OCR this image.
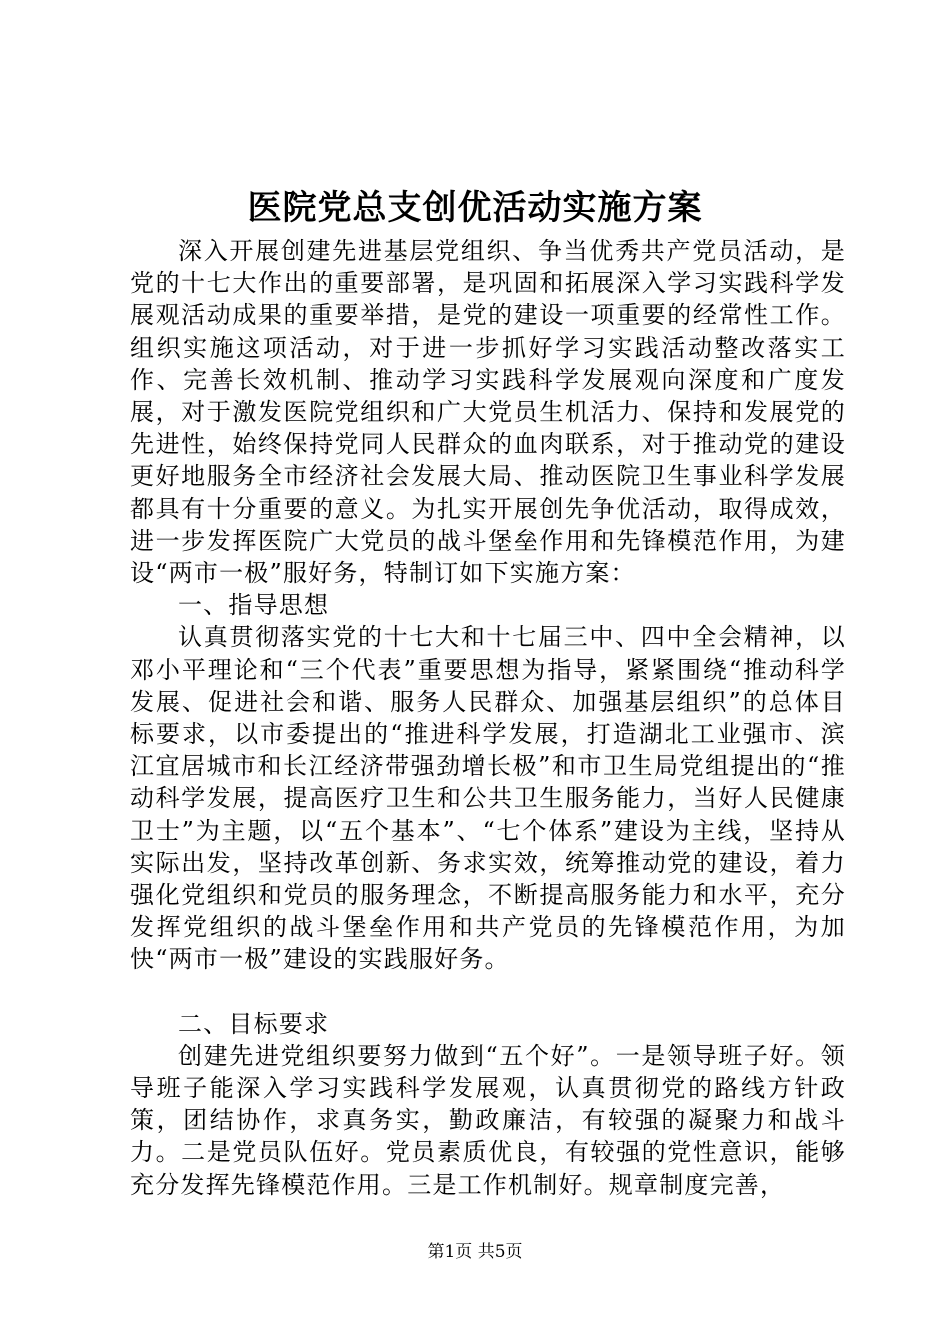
医院党总支创优活动实施方案

深入开展创建先进基层党组织、争当优秀共产党员活动，是党的十七大作出的重要部署，是巩固和拓展深入学习实践科学发展观活动成果的重要举措，是党的建设一项重要的经常性工作。组织实施这项活动，对于进一步抓好学习实践活动整改落实工作、完善长效机制、推动学习实践科学发展观向深度和广度发展，对于激发医院党组织和广大党员生机活力、保持和发展党的先进性，始终保持党同人民群众的血肉联系，对于推动党的建设更好地服务全市经济社会发展大局、推动医院卫生事业科学发展都具有十分重要的意义。为扎实开展创先争优活动，取得成效，进一步发挥医院广大党员的战斗堡垒作用和先锋模范作用，为建设“两市一极”服好务，特制订如下实施方案：

一、指导思想

认真贯彻落实党的十七大和十七届三中、四中全会精神，以邓小平理论和“三个代表”重要思想为指导，紧紧围绕“推动科学发展、促进社会和谐、服务人民群众、加强基层组织”的总体目标要求，以市委提出的“推进科学发展，打造湖北工业强市、滨江宜居城市和长江经济带强劲增长极”和市卫生局党组提出的“推动科学发展，提高医疗卫生和公共卫生服务能力，当好人民健康卫士”为主题，以“五个基本”、“七个体系”建设为主线，坚持从实际出发，坚持改革创新、务求实效，统筹推动党的建设，着力强化党组织和党员的服务理念，不断提高服务能力和水平，充分发挥党组织的战斗堡垒作用和共产党员的先锋模范作用，为加快“两市一极”建设的实践服好务。

二、目标要求

创建先进党组织要努力做到“五个好”。一是领导班子好。领导班子能深入学习实践科学发展观，认真贯彻党的路线方针政策，团结协作，求真务实，勤政廉洁，有较强的凝聚力和战斗力。二是党员队伍好。党员素质优良，有较强的党性意识，能够充分发挥先锋模范作用。三是工作机制好。规章制度完善，

第1页 共5页
